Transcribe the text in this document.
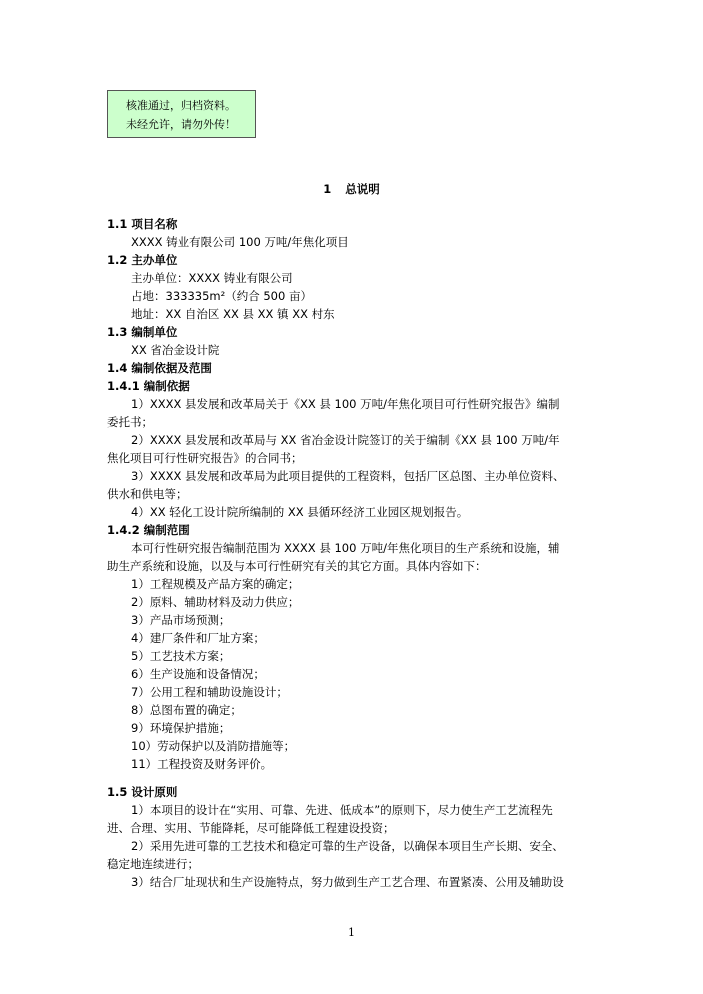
核准通过，归档资料。
未经允许，请勿外传！
1 总说明
1.1 项目名称
XXXX 铸业有限公司 100 万吨/年焦化项目
1.2 主办单位
主办单位：XXXX 铸业有限公司
占地：333335m²（约合 500 亩）
地址：XX 自治区 XX 县 XX 镇 XX 村东
1.3 编制单位
XX 省冶金设计院
1.4 编制依据及范围
1.4.1 编制依据
1）XXXX 县发展和改革局关于《XX 县 100 万吨/年焦化项目可行性研究报告》编制
委托书；
2）XXXX 县发展和改革局与 XX 省冶金设计院签订的关于编制《XX 县 100 万吨/年
焦化项目可行性研究报告》的合同书；
3）XXXX 县发展和改革局为此项目提供的工程资料，包括厂区总图、主办单位资料、
供水和供电等；
4）XX 轻化工设计院所编制的 XX 县循环经济工业园区规划报告。
1.4.2 编制范围
本可行性研究报告编制范围为 XXXX 县 100 万吨/年焦化项目的生产系统和设施，辅
助生产系统和设施，以及与本可行性研究有关的其它方面。具体内容如下：
1）工程规模及产品方案的确定；
2）原料、辅助材料及动力供应；
3）产品市场预测；
4）建厂条件和厂址方案；
5）工艺技术方案；
6）生产设施和设备情况；
7）公用工程和辅助设施设计；
8）总图布置的确定；
9）环境保护措施；
10）劳动保护以及消防措施等；
11）工程投资及财务评价。
1.5 设计原则
1）本项目的设计在“实用、可靠、先进、低成本”的原则下，尽力使生产工艺流程先
进、合理、实用、节能降耗，尽可能降低工程建设投资；
2）采用先进可靠的工艺技术和稳定可靠的生产设备，以确保本项目生产长期、安全、
稳定地连续进行；
3）结合厂址现状和生产设施特点，努力做到生产工艺合理、布置紧凑、公用及辅助设
1
